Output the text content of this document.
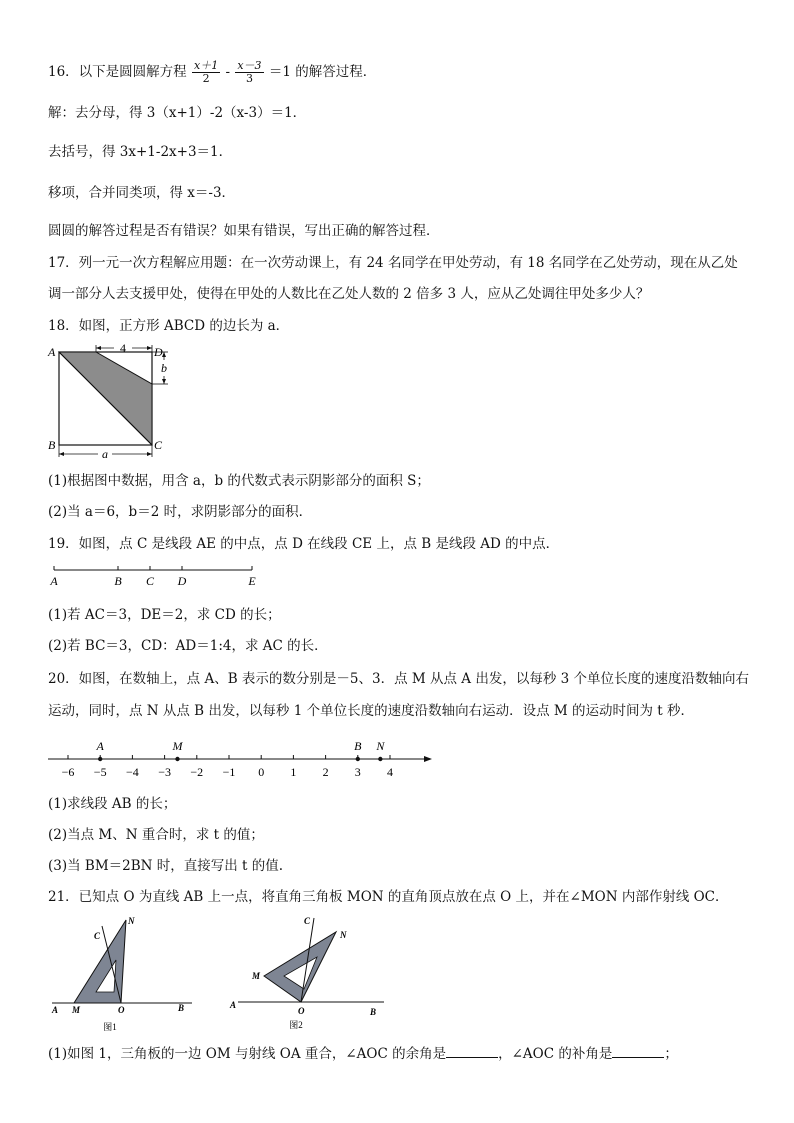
16．以下是圆圆解方程 $\frac{x+1}{2} - \frac{x-3}{3} =1$ 的解答过程．
解：去分母，得 3（x+1）-2（x-3）＝1．
去括号，得 3x+1-2x+3＝1．
移项，合并同类项，得 x＝-3．
圆圆的解答过程是否有错误？如果有错误，写出正确的解答过程．
17．列一元一次方程解应用题：在一次劳动课上，有 24 名同学在甲处劳动，有 18 名同学在乙处劳动，现在从乙处
调一部分人去支援甲处，使得在甲处的人数比在乙处人数的 2 倍多 3 人，应从乙处调往甲处多少人？
18．如图，正方形 ABCD 的边长为 a．
4
b
a
A	D
B	C
(1)根据图中数据，用含 a，b 的代数式表示阴影部分的面积 S；
(2)当 a＝6，b＝2 时，求阴影部分的面积．
19．如图，点 C 是线段 AE 的中点，点 D 在线段 CE 上，点 B 是线段 AD 的中点．
A	B C D	E
(1)若 AC＝3，DE＝2，求 CD 的长；
(2)若 BC＝3，CD：AD＝1:4，求 AC 的长．
20．如图，在数轴上，点 A、B 表示的数分别是－5、3．点 M 从点 A 出发，以每秒 3 个单位长度的速度沿数轴向右
运动，同时，点 N 从点 B 出发，以每秒 1 个单位长度的速度沿数轴向右运动．设点 M 的运动时间为 t 秒．
−6 −5 −4 −3 −2 −1 0 1 2 3 4
A	M	B N
(1)求线段 AB 的长；
(2)当点 M、N 重合时，求 t 的值；
(3)当 BM＝2BN 时，直接写出 t 的值.
21．已知点 O 为直线 AB 上一点，将直角三角板 MON 的直角顶点放在点 O 上，并在∠MON 内部作射线 OC．
C
N
A M	O	B
图1
N
C
M
A
O	B
图2
(1)如图 1，三角板的一边 OM 与射线 OA 重合，∠AOC 的余角是	，∠AOC 的补角是	；
